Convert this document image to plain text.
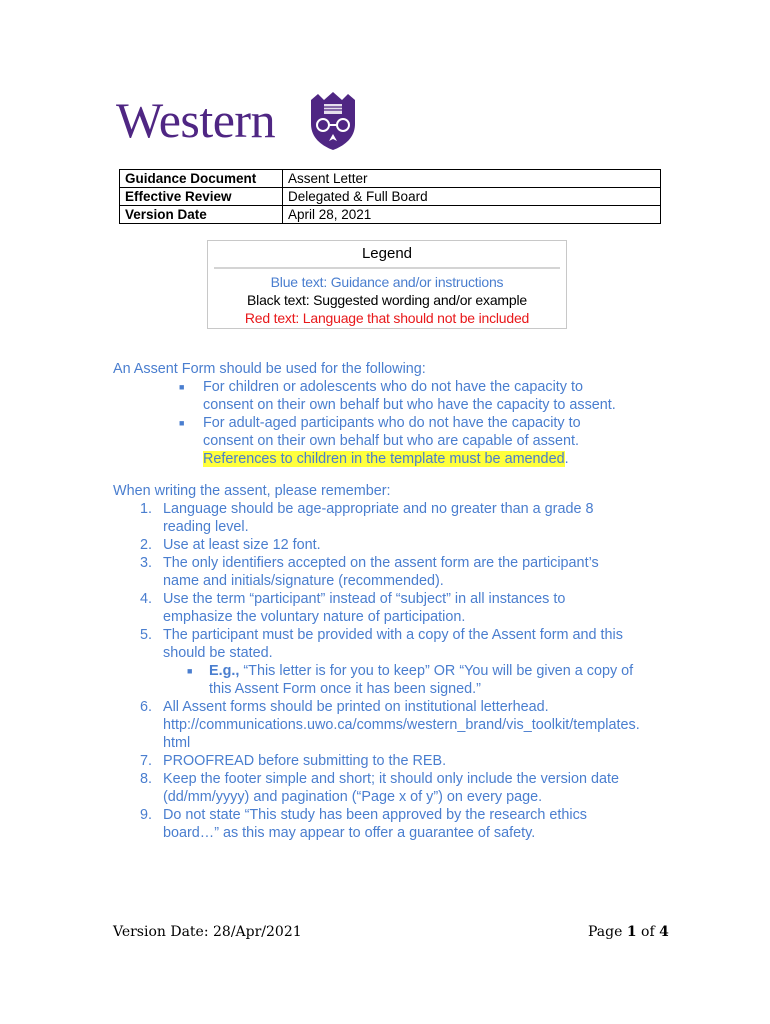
Western
Guidance Document	Assent Letter
Effective Review	Delegated & Full Board
Version Date	April 28, 2021
Legend
Blue text: Guidance and/or instructions
Black text: Suggested wording and/or example
Red text: Language that should not be included

An Assent Form should be used for the following:

■ For children or adolescents who do not have the capacity to
consent on their own behalf but who have the capacity to assent.
■ For adult-aged participants who do not have the capacity to
consent on their own behalf but who are capable of assent.
References to children in the template must be amended.

When writing the assent, please remember:

1. Language should be age-appropriate and no greater than a grade 8
reading level.
2. Use at least size 12 font.
3. The only identifiers accepted on the assent form are the participant’s
name and initials/signature (recommended).
4. Use the term “participant” instead of “subject” in all instances to
emphasize the voluntary nature of participation.
5. The participant must be provided with a copy of the Assent form and this
should be stated.
■ E.g., “This letter is for you to keep” OR “You will be given a copy of
this Assent Form once it has been signed.”
6. All Assent forms should be printed on institutional letterhead.
http://communications.uwo.ca/comms/western_brand/vis_toolkit/templates.
html
7. PROOFREAD before submitting to the REB.
8. Keep the footer simple and short; it should only include the version date
(dd/mm/yyyy) and pagination (“Page x of y”) on every page.
9. Do not state “This study has been approved by the research ethics
board…” as this may appear to offer a guarantee of safety.
Version Date: 28/Apr/2021	Page 1 of 4
